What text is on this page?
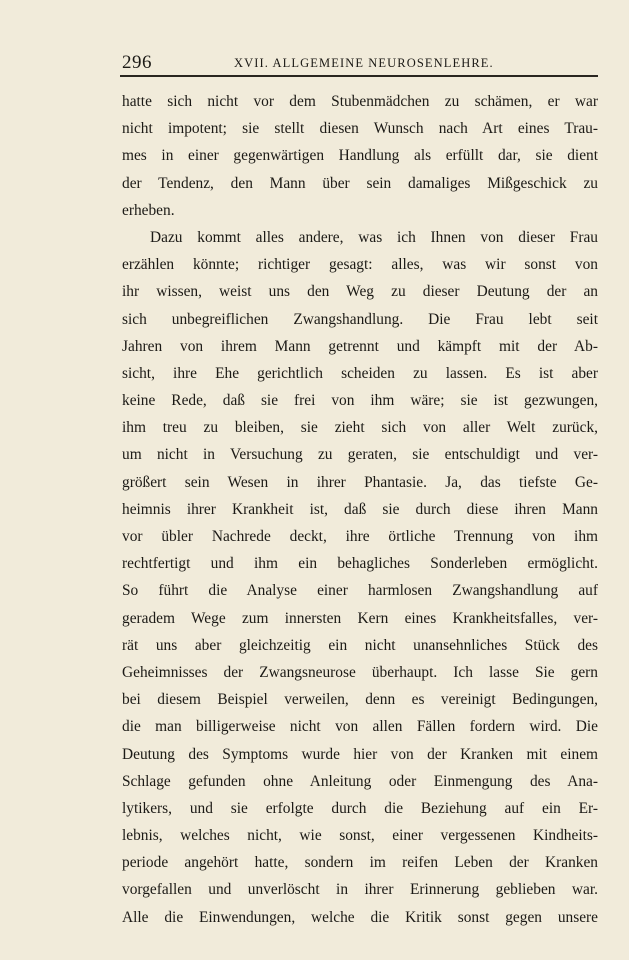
296	XVII. ALLGEMEINE NEUROSENLEHRE.
hatte sich nicht vor dem Stubenmädchen zu schämen, er war
nicht impotent; sie stellt diesen Wunsch nach Art eines Trau-
mes in einer gegenwärtigen Handlung als erfüllt dar, sie dient
der Tendenz, den Mann über sein damaliges Mißgeschick zu
erheben.
Dazu kommt alles andere, was ich Ihnen von dieser Frau
erzählen könnte; richtiger gesagt: alles, was wir sonst von
ihr wissen, weist uns den Weg zu dieser Deutung der an
sich unbegreiflichen Zwangshandlung. Die Frau lebt seit
Jahren von ihrem Mann getrennt und kämpft mit der Ab-
sicht, ihre Ehe gerichtlich scheiden zu lassen. Es ist aber
keine Rede, daß sie frei von ihm wäre; sie ist gezwungen,
ihm treu zu bleiben, sie zieht sich von aller Welt zurück,
um nicht in Versuchung zu geraten, sie entschuldigt und ver-
größert sein Wesen in ihrer Phantasie. Ja, das tiefste Ge-
heimnis ihrer Krankheit ist, daß sie durch diese ihren Mann
vor übler Nachrede deckt, ihre örtliche Trennung von ihm
rechtfertigt und ihm ein behagliches Sonderleben ermöglicht.
So führt die Analyse einer harmlosen Zwangshandlung auf
geradem Wege zum innersten Kern eines Krankheitsfalles, ver-
rät uns aber gleichzeitig ein nicht unansehnliches Stück des
Geheimnisses der Zwangsneurose überhaupt. Ich lasse Sie gern
bei diesem Beispiel verweilen, denn es vereinigt Bedingungen,
die man billigerweise nicht von allen Fällen fordern wird. Die
Deutung des Symptoms wurde hier von der Kranken mit einem
Schlage gefunden ohne Anleitung oder Einmengung des Ana-
lytikers, und sie erfolgte durch die Beziehung auf ein Er-
lebnis, welches nicht, wie sonst, einer vergessenen Kindheits-
periode angehört hatte, sondern im reifen Leben der Kranken
vorgefallen und unverlöscht in ihrer Erinnerung geblieben war.
Alle die Einwendungen, welche die Kritik sonst gegen unsere
